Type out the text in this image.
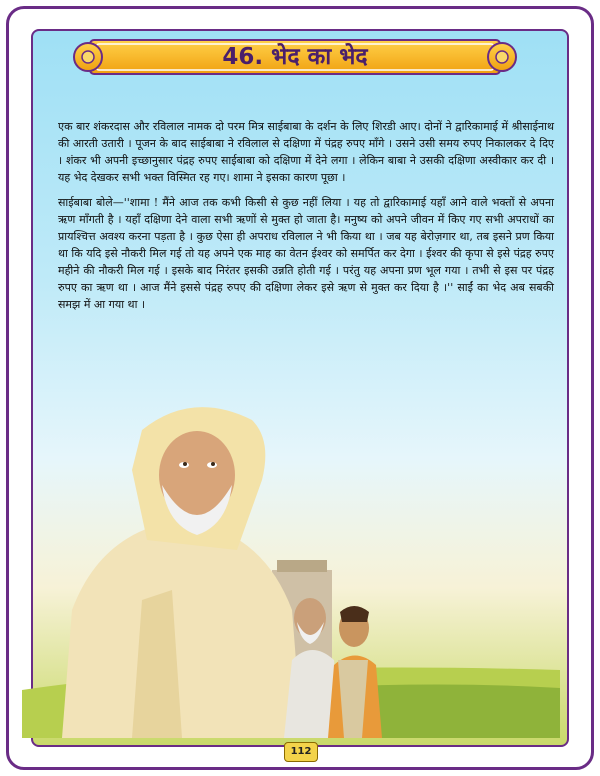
46. भेद का भेद

एक बार शंकरदास और रविलाल नामक दो परम मित्र साईबाबा के दर्शन के लिए शिरडी आए। दोनों ने द्वारिकामाई में श्रीसाईनाथ की आरती उतारी । पूजन के बाद साईबाबा ने रविलाल से दक्षिणा में पंद्रह रुपए माँगे । उसने उसी समय रुपए निकालकर दे दिए । शंकर भी अपनी इच्छानुसार पंद्रह रुपए साईबाबा को दक्षिणा में देने लगा । लेकिन बाबा ने उसकी दक्षिणा अस्वीकार कर दी । यह भेद देखकर सभी भक्त विस्मित रह गए। शामा ने इसका कारण पूछा ।

साईबाबा बोले—''शामा ! मैंने आज तक कभी किसी से कुछ नहीं लिया । यह तो द्वारिकामाई यहाँ आने वाले भक्तों से अपना ऋण माँगती है । यहाँ दक्षिणा देने वाला सभी ऋणों से मुक्त हो जाता है। मनुष्य को अपने जीवन में किए गए सभी अपराधों का प्रायश्चित्त अवश्य करना पड़ता है । कुछ ऐसा ही अपराध रविलाल ने भी किया था । जब यह बेरोज़गार था, तब इसने प्रण किया था कि यदि इसे नौकरी मिल गई तो यह अपने एक माह का वेतन ईश्वर को समर्पित कर देगा । ईश्वर की कृपा से इसे पंद्रह रुपए महीने की नौकरी मिल गई । इसके बाद निरंतर इसकी उन्नति होती गई । परंतु यह अपना प्रण भूल गया । तभी से इस पर पंद्रह रुपए का ऋण था । आज मैंने इससे पंद्रह रुपए की दक्षिणा लेकर इसे ऋण से मुक्त कर दिया है ।'' साईं का भेद अब सबकी समझ में आ गया था ।

112
